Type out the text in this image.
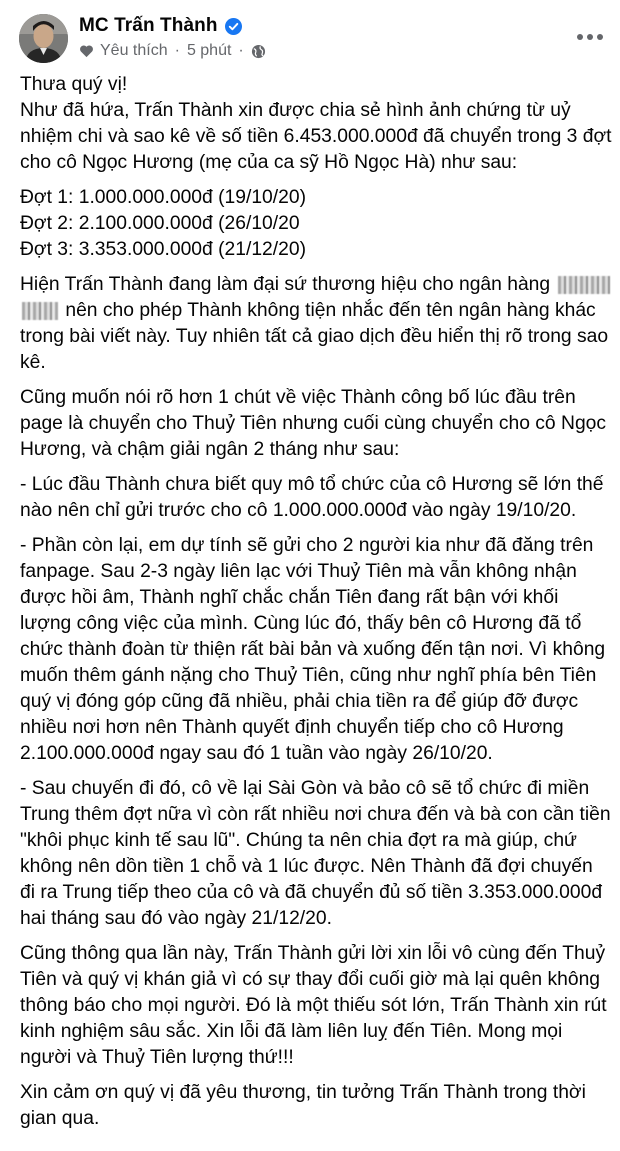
MC Trấn Thành
Yêu thích · 5 phút ·

Thưa quý vị!
Như đã hứa, Trấn Thành xin được chia sẻ hình ảnh chứng từ uỷ nhiệm chi và sao kê về số tiền 6.453.000.000đ đã chuyển trong 3 đợt cho cô Ngọc Hương (mẹ của ca sỹ Hồ Ngọc Hà) như sau:

Đợt 1: 1.000.000.000đ (19/10/20)
Đợt 2: 2.100.000.000đ (26/10/20
Đợt 3: 3.353.000.000đ (21/12/20)

Hiện Trấn Thành đang làm đại sứ thương hiệu cho ngân hàng  nên cho phép Thành không tiện nhắc đến tên ngân hàng khác trong bài viết này. Tuy nhiên tất cả giao dịch đều hiển thị rõ trong sao kê.

Cũng muốn nói rõ hơn 1 chút về việc Thành công bố lúc đầu trên page là chuyển cho Thuỷ Tiên nhưng cuối cùng chuyển cho cô Ngọc Hương, và chậm giải ngân 2 tháng như sau:

- Lúc đầu Thành chưa biết quy mô tổ chức của cô Hương sẽ lớn thế nào nên chỉ gửi trước cho cô 1.000.000.000đ vào ngày 19/10/20.

- Phần còn lại, em dự tính sẽ gửi cho 2 người kia như đã đăng trên fanpage. Sau 2-3 ngày liên lạc với Thuỷ Tiên mà vẫn không nhận được hồi âm, Thành nghĩ chắc chắn Tiên đang rất bận với khối lượng công việc của mình. Cùng lúc đó, thấy bên cô Hương đã tổ chức thành đoàn từ thiện rất bài bản và xuống đến tận nơi. Vì không muốn thêm gánh nặng cho Thuỷ Tiên, cũng như nghĩ phía bên Tiên quý vị đóng góp cũng đã nhiều, phải chia tiền ra để giúp đỡ được nhiều nơi hơn nên Thành quyết định chuyển tiếp cho cô Hương 2.100.000.000đ ngay sau đó 1 tuần vào ngày 26/10/20.

- Sau chuyến đi đó, cô về lại Sài Gòn và bảo cô sẽ tổ chức đi miền Trung thêm đợt nữa vì còn rất nhiều nơi chưa đến và bà con cần tiền "khôi phục kinh tế sau lũ". Chúng ta nên chia đợt ra mà giúp, chứ không nên dồn tiền 1 chỗ và 1 lúc được. Nên Thành đã đợi chuyến đi ra Trung tiếp theo của cô và đã chuyển đủ số tiền 3.353.000.000đ hai tháng sau đó vào ngày 21/12/20.

Cũng thông qua lần này, Trấn Thành gửi lời xin lỗi vô cùng đến Thuỷ Tiên và quý vị khán giả vì có sự thay đổi cuối giờ mà lại quên không thông báo cho mọi người. Đó là một thiếu sót lớn, Trấn Thành xin rút kinh nghiệm sâu sắc. Xin lỗi đã làm liên luỵ đến Tiên. Mong mọi người và Thuỷ Tiên lượng thứ!!!

Xin cảm ơn quý vị đã yêu thương, tin tưởng Trấn Thành trong thời gian qua.
